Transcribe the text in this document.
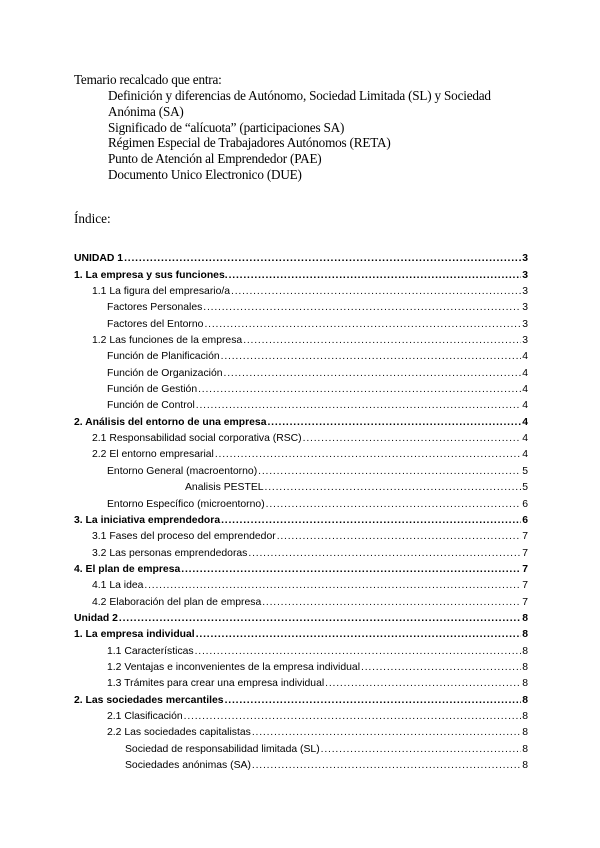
Temario recalcado que entra:
Definición y diferencias de Autónomo, Sociedad Limitada (SL) y Sociedad
Anónima (SA)
Significado de “alícuota” (participaciones SA)
Régimen Especial de Trabajadores Autónomos (RETA)
Punto de Atención al Emprendedor (PAE)
Documento Unico Electronico (DUE)
Índice:
UNIDAD 1 .....	3
1. La empresa y sus funciones. .....	3
1.1 La figura del empresario/a .....	3
Factores Personales .....	3
Factores del Entorno .....	3
1.2 Las funciones de la empresa .....	3
Función de Planificación .....	4
Función de Organización .....	4
Función de Gestión .....	4
Función de Control .....	4
2. Análisis del entorno de una empresa .....	4
2.1 Responsabilidad social corporativa (RSC) .....	4
2.2 El entorno empresarial .....	4
Entorno General (macroentorno) .....	5
Analisis PESTEL .....	5
Entorno Específico (microentorno) .....	6
3. La iniciativa emprendedora .....	6
3.1 Fases del proceso del emprendedor .....	7
3.2 Las personas emprendedoras .....	7
4. El plan de empresa .....	7
4.1 La idea .....	7
4.2 Elaboración del plan de empresa .....	7
Unidad 2 .....	8
1. La empresa individual .....	8
1.1 Características .....	8
1.2 Ventajas e inconvenientes de la empresa individual .....	8
1.3 Trámites para crear una empresa individual .....	8
2. Las sociedades mercantiles .....	8
2.1 Clasificación .....	8
2.2 Las sociedades capitalistas .....	8
Sociedad de responsabilidad limitada (SL) .....	8
Sociedades anónimas (SA) .....	8
